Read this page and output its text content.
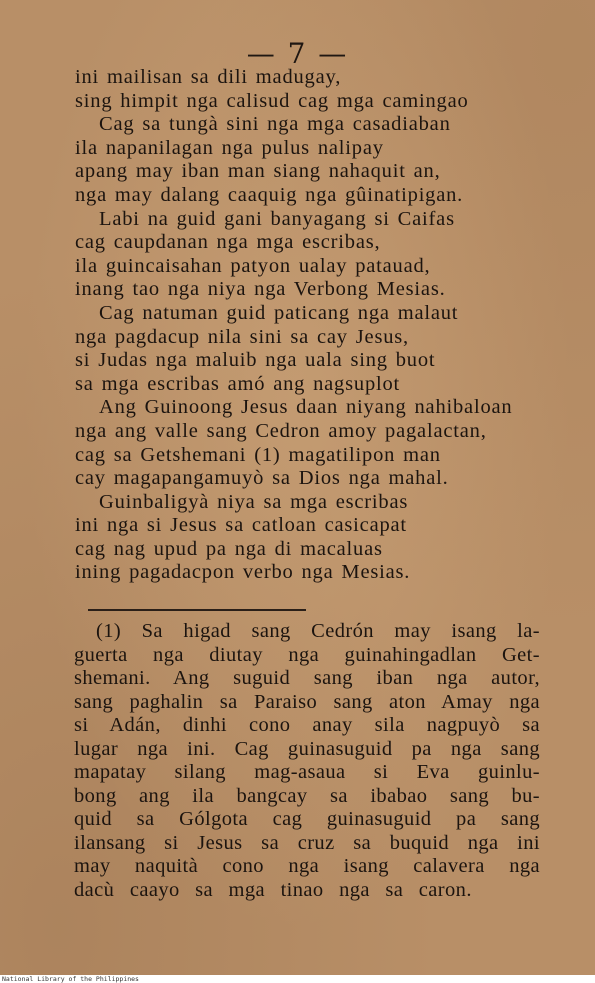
— 7 —
ini mailisan sa dili madugay,
sing himpit nga calisud cag mga camingao
Cag sa tungà sini nga mga casadiaban
ila napanilagan nga pulus nalipay
apang may iban man siang nahaquit an,
nga may dalang caaquig nga gûinatipigan.
Labi na guid gani banyagang si Caifas
cag caupdanan nga mga escribas,
ila guincaisahan patyon ualay patauad,
inang tao nga niya nga Verbong Mesias.
Cag natuman guid paticang nga malaut
nga pagdacup nila sini sa cay Jesus,
si Judas nga maluib nga uala sing buot
sa mga escribas amó ang nagsuplot
Ang Guinoong Jesus daan niyang nahibaloan
nga ang valle sang Cedron amoy pagalactan,
cag sa Getshemani (1) magatilipon man
cay magapangamuyò sa Dios nga mahal.
Guinbaligyà niya sa mga escribas
ini nga si Jesus sa catloan casicapat
cag nag upud pa nga di macaluas
ining pagadacpon verbo nga Mesias.
(1) Sa higad sang Cedrón may isang la-
guerta nga diutay nga guinahingadlan Get-
shemani. Ang suguid sang iban nga autor,
sang paghalin sa Paraiso sang aton Amay nga
si Adán, dinhi cono anay sila nagpuyò sa
lugar nga ini. Cag guinasuguid pa nga sang
mapatay silang mag-asaua si Eva guinlu-
bong ang ila bangcay sa ibabao sang bu-
quid sa Gólgota cag guinasuguid pa sang
ilansang si Jesus sa cruz sa buquid nga ini
may naquità cono nga isang calavera nga
dacù caayo sa mga tinao nga sa caron.
National Library of the Philippines
